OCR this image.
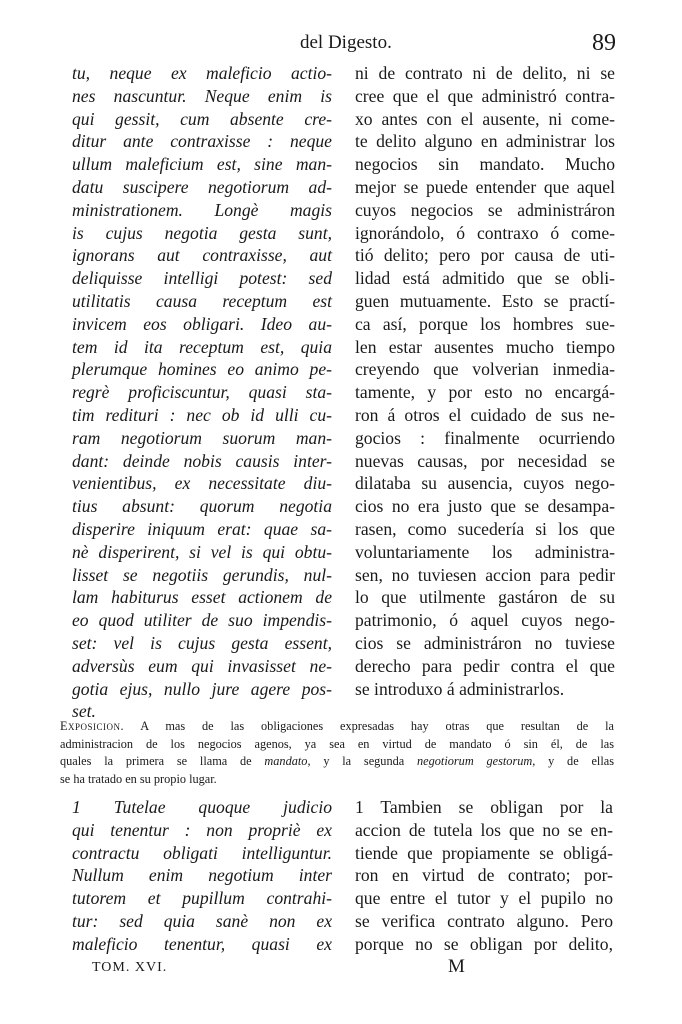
del Digesto.	89
tu, neque ex maleficio actio-
nes nascuntur. Neque enim is
qui gessit, cum absente cre-
ditur ante contraxisse : neque
ullum maleficium est, sine man-
datu suscipere negotiorum ad-
ministrationem. Longè magis
is cujus negotia gesta sunt,
ignorans aut contraxisse, aut
deliquisse intelligi potest: sed
utilitatis causa receptum est
invicem eos obligari. Ideo au-
tem id ita receptum est, quia
plerumque homines eo animo pe-
regrè proficiscuntur, quasi sta-
tim redituri : nec ob id ulli cu-
ram negotiorum suorum man-
dant: deinde nobis causis inter-
venientibus, ex necessitate diu-
tius absunt: quorum negotia
disperire iniquum erat: quae sa-
nè disperirent, si vel is qui obtu-
lisset se negotiis gerundis, nul-
lam habiturus esset actionem de
eo quod utiliter de suo impendis-
set: vel is cujus gesta essent,
adversùs eum qui invasisset ne-
gotia ejus, nullo jure agere pos-
set.
ni de contrato ni de delito, ni se
cree que el que administró contra-
xo antes con el ausente, ni come-
te delito alguno en administrar los
negocios sin mandato. Mucho
mejor se puede entender que aquel
cuyos negocios se administráron
ignorándolo, ó contraxo ó come-
tió delito; pero por causa de uti-
lidad está admitido que se obli-
guen mutuamente. Esto se practí-
ca así, porque los hombres sue-
len estar ausentes mucho tiempo
creyendo que volverian inmedia-
tamente, y por esto no encargá-
ron á otros el cuidado de sus ne-
gocios : finalmente ocurriendo
nuevas causas, por necesidad se
dilataba su ausencia, cuyos nego-
cios no era justo que se desampa-
rasen, como sucedería si los que
voluntariamente los administra-
sen, no tuviesen accion para pedir
lo que utilmente gastáron de su
patrimonio, ó aquel cuyos nego-
cios se administráron no tuviese
derecho para pedir contra el que
se introduxo á administrarlos.
Exposicion. A mas de las obligaciones expresadas hay otras que resultan de la
administracion de los negocios agenos, ya sea en virtud de mandato ó sin él, de las
quales la primera se llama de mandato, y la segunda negotiorum gestorum, y de ellas
se ha tratado en su propio lugar.
1 Tutelae quoque judicio
qui tenentur : non propriè ex
contractu obligati intelliguntur.
Nullum enim negotium inter
tutorem et pupillum contrahi-
tur: sed quia sanè non ex
maleficio tenentur, quasi ex
1 Tambien se obligan por la
accion de tutela los que no se en-
tiende que propiamente se obligá-
ron en virtud de contrato; por-
que entre el tutor y el pupilo no
se verifica contrato alguno. Pero
porque no se obligan por delito,
TOM. XVI.	M
